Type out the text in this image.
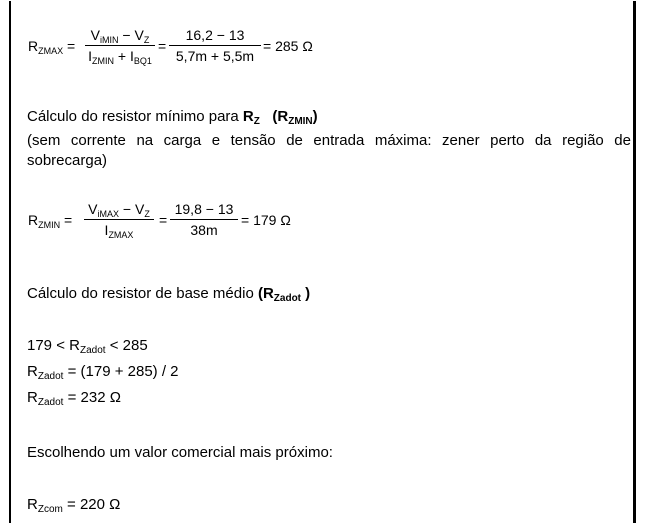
$R_{ZMAX}$ =
$V_{iMIN} - V_Z$
$I_{ZMIN} + I_{BQ1}$
= $\frac{16,2 - 13}{5,7m + 5,5m} = 285$ Ω
Cálculo do resistor mínimo para $R_Z$ $(R_{ZMIN})$
(sem corrente na carga e tensão de entrada máxima: zener perto da região de sobrecarga)
$R_{ZMIN}$ =
$V_{iMAX} - V_Z$
$I_{ZMAX}$
= $\frac{19,8 - 13}{38m} = 179$ Ω
Cálculo do resistor de base médio ($R_{Zadot}$ )
$179 < R_{Zadot} < 285$
$R_{Zadot} = (179 + 285) / 2$
$R_{Zadot} = 232$ Ω
Escolhendo um valor comercial mais próximo:
$R_{Zcom} = 220$ Ω
